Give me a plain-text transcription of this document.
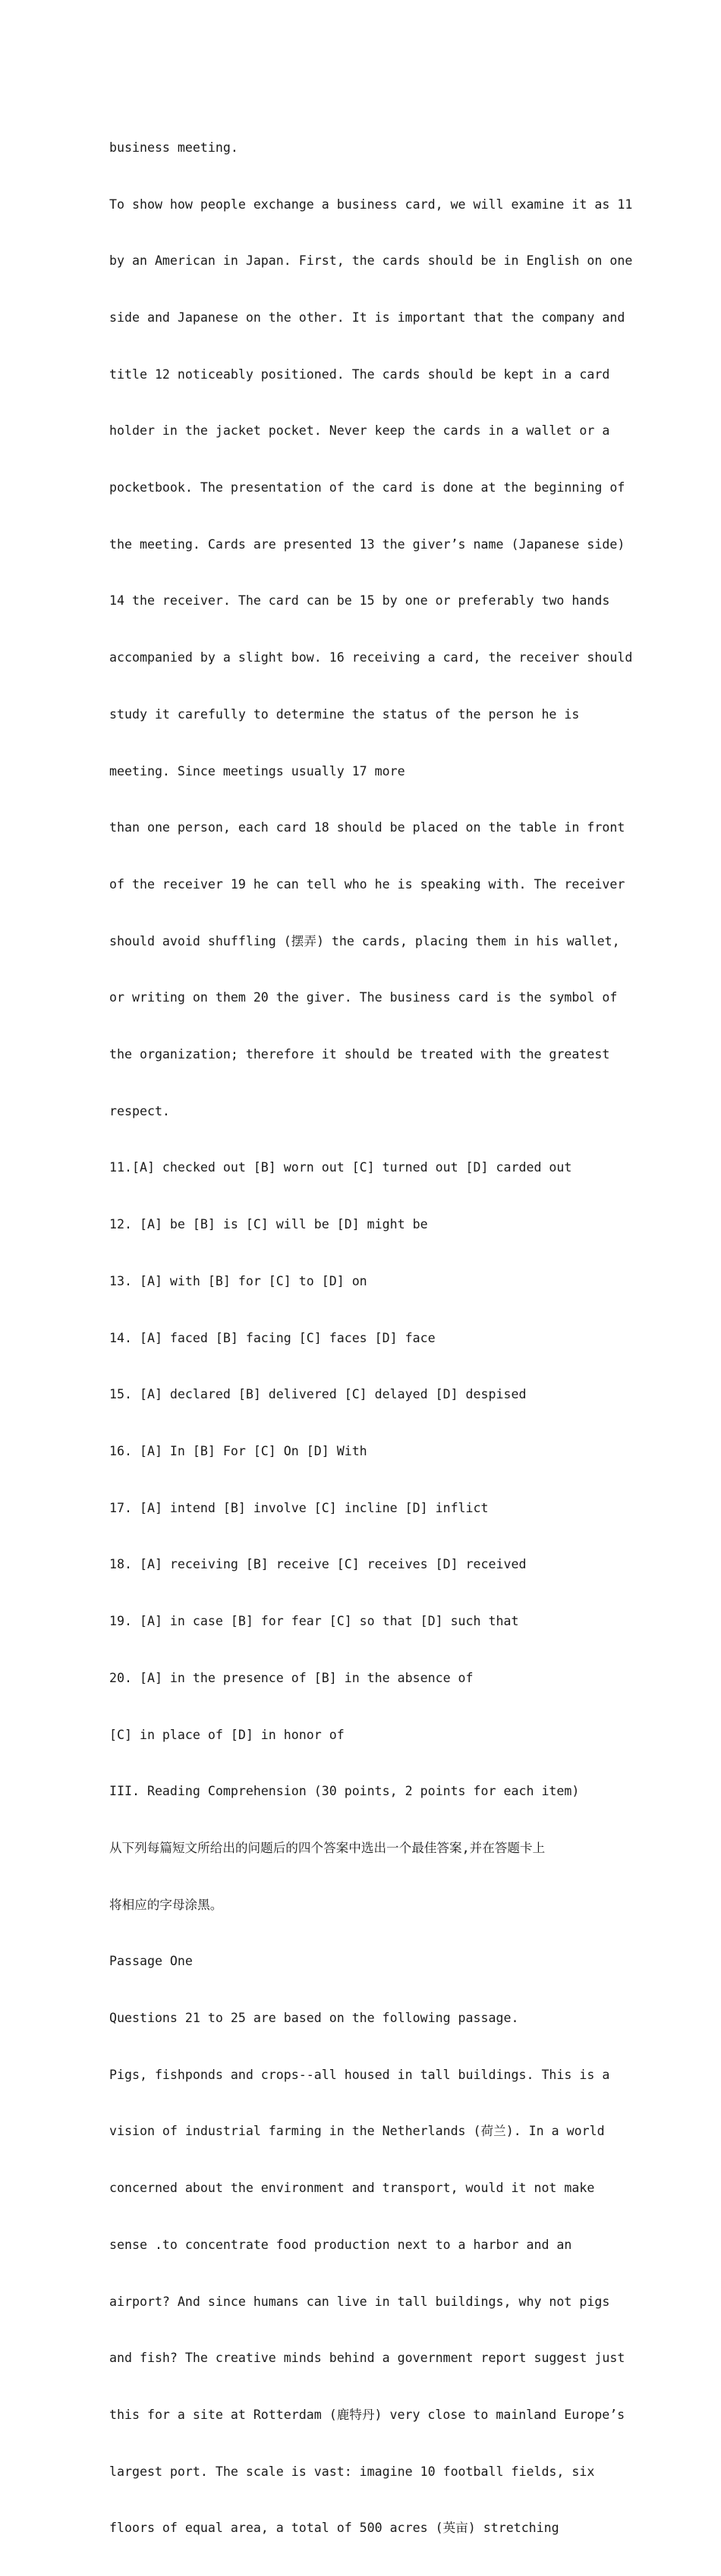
business meeting.

To show how people exchange a business card, we will examine it as 11

by an American in Japan. First, the cards should be in English on one

side and Japanese on the other. It is important that the company and

title 12 noticeably positioned. The cards should be kept in a card

holder in the jacket pocket. Never keep the cards in a wallet or a

pocketbook. The presentation of the card is done at the beginning of

the meeting. Cards are presented 13 the giver’s name (Japanese side)

14 the receiver. The card can be 15 by one or preferably two hands

accompanied by a slight bow. 16 receiving a card, the receiver should

study it carefully to determine the status of the person he is

meeting. Since meetings usually 17 more

than one person, each card 18 should be placed on the table in front

of the receiver 19 he can tell who he is speaking with. The receiver

should avoid shuffling (摆弄) the cards, placing them in his wallet,

or writing on them 20 the giver. The business card is the symbol of

the organization; therefore it should be treated with the greatest

respect.

11.[A] checked out [B] worn out [C] turned out [D] carded out

12. [A] be [B] is [C] will be [D] might be

13. [A] with [B] for [C] to [D] on

14. [A] faced [B] facing [C] faces [D] face

15. [A] declared [B] delivered [C] delayed [D] despised

16. [A] In [B] For [C] On [D] With

17. [A] intend [B] involve [C] incline [D] inflict

18. [A] receiving [B] receive [C] receives [D] received

19. [A] in case [B] for fear [C] so that [D] such that

20. [A] in the presence of [B] in the absence of

[C] in place of [D] in honor of

III. Reading Comprehension (30 points, 2 points for each item)

从下列每篇短文所给出的问题后的四个答案中选出一个最佳答案,并在答题卡上

将相应的字母涂黑。

Passage One

Questions 21 to 25 are based on the following passage.

Pigs, fishponds and crops--all housed in tall buildings. This is a

vision of industrial farming in the Netherlands (荷兰). In a world

concerned about the environment and transport, would it not make

sense .to concentrate food production next to a harbor and an

airport? And since humans can live in tall buildings, why not pigs

and fish? The creative minds behind a government report suggest just

this for a site at Rotterdam (鹿特丹) very close to mainland Europe’s

largest port. The scale is vast: imagine 10 football fields, six

floors of equal area, a total of 500 acres (英亩) stretching
